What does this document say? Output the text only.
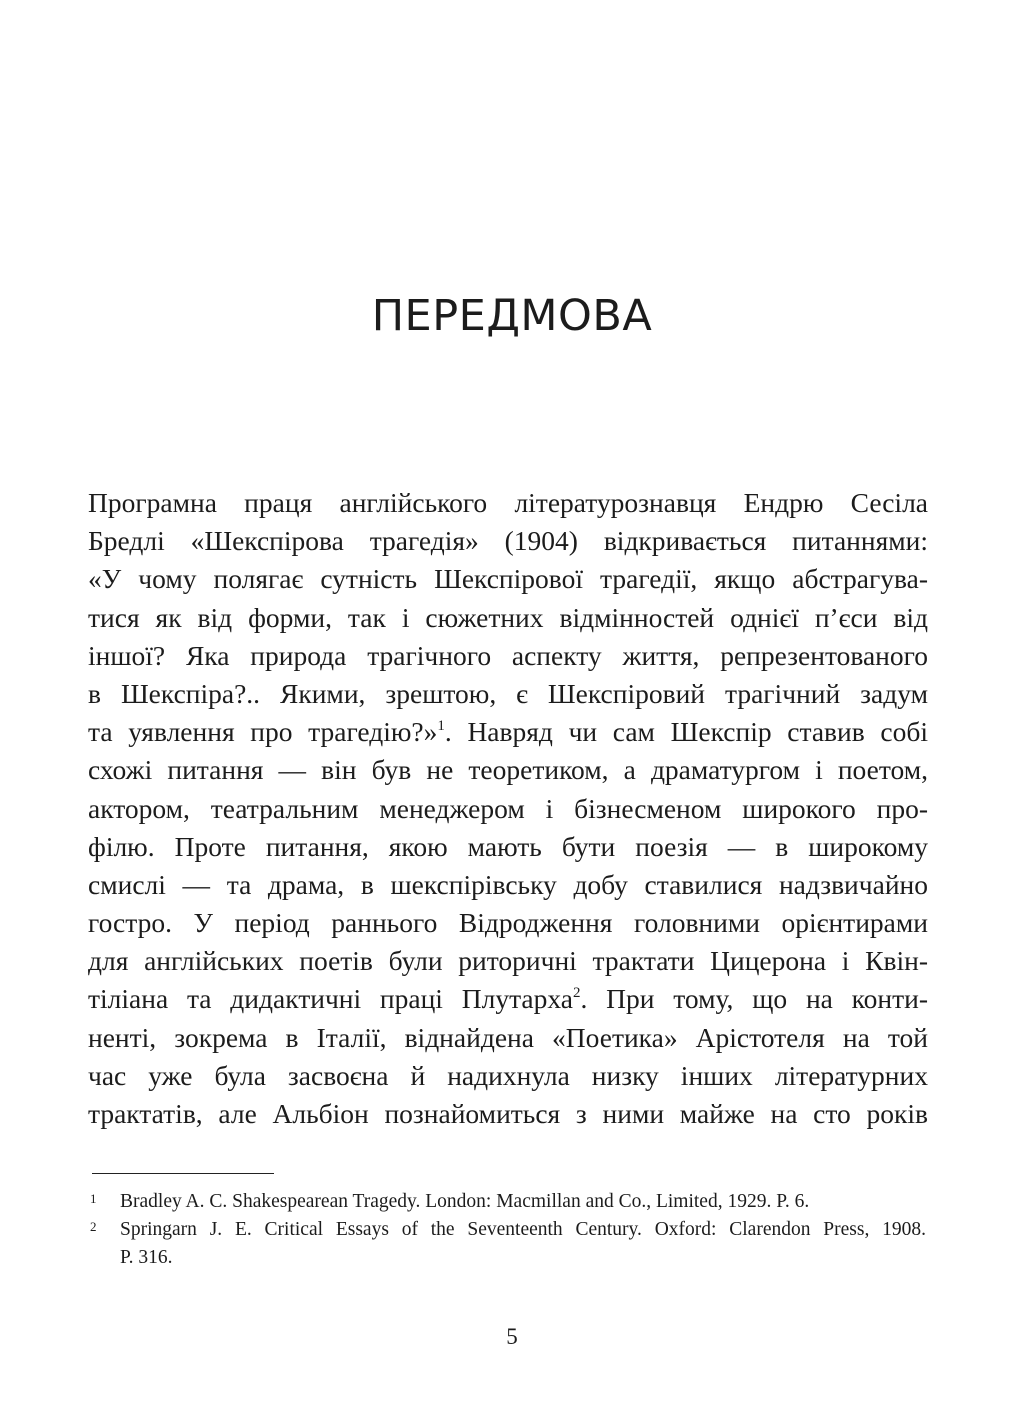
ПЕРЕДМОВА
Програмна праця англійського літературознавця Ендрю Сесіла
Бредлі «Шекспірова трагедія» (1904) відкривається питаннями:
«У чому полягає сутність Шекспірової трагедії, якщо абстрагува-
тися як від форми, так і сюжетних відмінностей однієї п’єси від
іншої? Яка природа трагічного аспекту життя, репрезентованого
в Шекспіра?.. Якими, зрештою, є Шекспіровий трагічний задум
та уявлення про трагедію?»$^1$. Навряд чи сам Шекспір ставив собі
схожі питання — він був не теоретиком, а драматургом і поетом,
актором, театральним менеджером і бізнесменом широкого про-
філю. Проте питання, якою мають бути поезія — в широкому
смислі — та драма, в шекспірівську добу ставилися надзвичайно
гостро. У період раннього Відродження головними орієнтирами
для англійських поетів були риторичні трактати Цицерона і Квін-
тіліана та дидактичні праці Плутарха$^2$. При тому, що на конти-
ненті, зокрема в Італії, віднайдена «Поетика» Арістотеля на той
час уже була засвоєна й надихнула низку інших літературних
трактатів, але Альбіон познайомиться з ними майже на сто років
1 Bradley A. C. Shakespearean Tragedy. London: Macmillan and Co., Limited, 1929. P. 6.
2 Springarn J. E. Critical Essays of the Seventeenth Century. Oxford: Clarendon Press, 1908.
P. 316.
5
